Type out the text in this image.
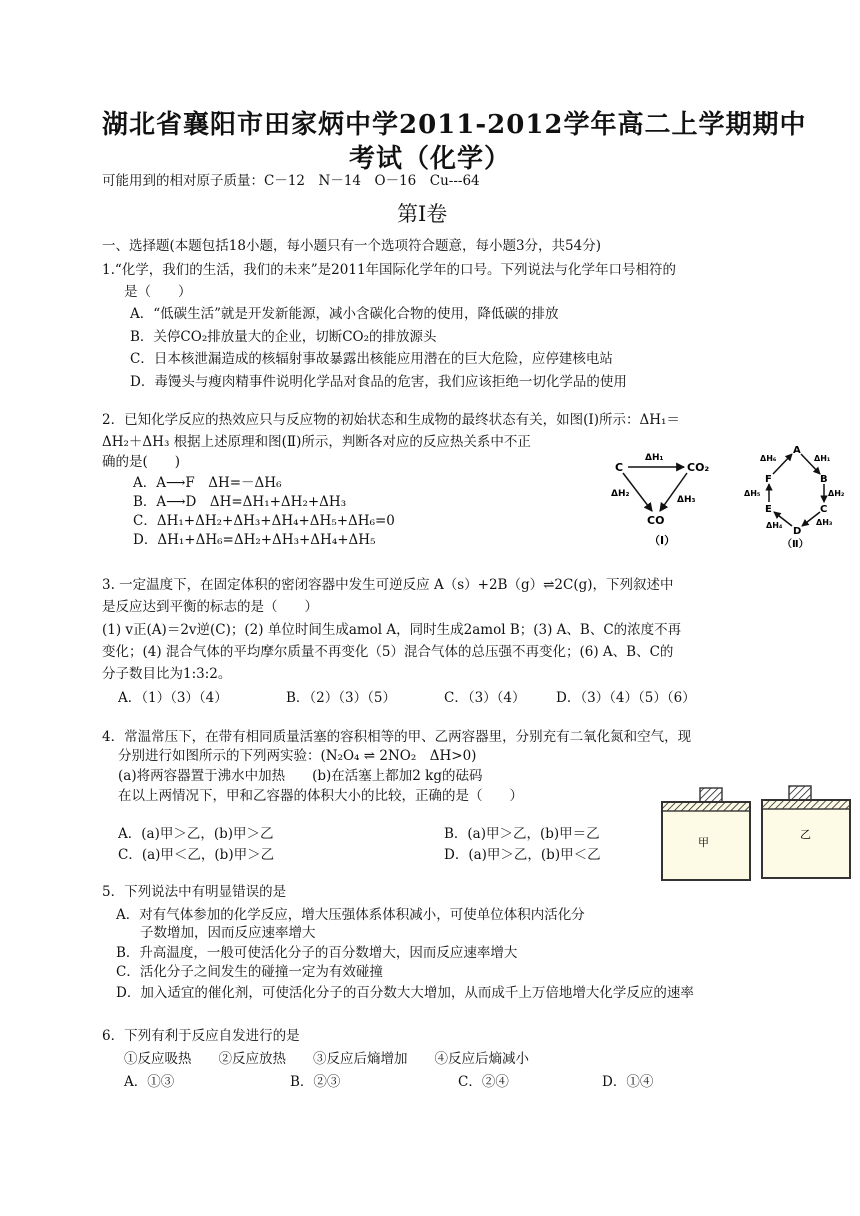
湖北省襄阳市田家炳中学2011-2012学年高二上学期期中
考试（化学）
可能用到的相对原子质量：C－12　N－14　O－16　Cu---64
第Ⅰ卷
一、选择题(本题包括18小题，每小题只有一个选项符合题意，每小题3分，共54分)
1.“化学，我们的生活，我们的未来”是2011年国际化学年的口号。下列说法与化学年口号相符的
是（　　）
A．“低碳生活”就是开发新能源，减小含碳化合物的使用，降低碳的排放
B．关停CO₂排放量大的企业，切断CO₂的排放源头
C．日本核泄漏造成的核辐射事故暴露出核能应用潜在的巨大危险，应停建核电站
D．毒馒头与瘦肉精事件说明化学品对食品的危害，我们应该拒绝一切化学品的使用
2．已知化学反应的热效应只与反应物的初始状态和生成物的最终状态有关，如图(Ⅰ)所示：ΔH₁＝
ΔH₂＋ΔH₃ 根据上述原理和图(Ⅱ)所示，判断各对应的反应热关系中不正
确的是(　　)
A．A⟶F　ΔH=－ΔH₆
B．A⟶D　ΔH=ΔH₁+ΔH₂+ΔH₃
C．ΔH₁+ΔH₂+ΔH₃+ΔH₄+ΔH₅+ΔH₆=0
D．ΔH₁+ΔH₆=ΔH₂+ΔH₃+ΔH₄+ΔH₅
C	CO₂
CO
ΔH₁
ΔH₂
ΔH₃
（Ⅰ）
A
B
C
D
E
F
ΔH₁
ΔH₂
ΔH₃
ΔH₄
ΔH₅
ΔH₆
（Ⅱ）
3. 一定温度下，在固定体积的密闭容器中发生可逆反应 A（s）+2B（g）⇌2C(g)，下列叙述中
是反应达到平衡的标志的是（　　）
(1) v正(A)＝2v逆(C)；(2) 单位时间生成amol A，同时生成2amol B；(3) A、B、C的浓度不再
变化；(4) 混合气体的平均摩尔质量不再变化（5）混合气体的总压强不再变化；(6) A、B、C的
分子数目比为1:3:2。
A．（1）（3）（4）	B．（2）（3）（5）	C．（3）（4） D．（3）（4）（5）（6）
4．常温常压下，在带有相同质量活塞的容积相等的甲、乙两容器里，分别充有二氧化氮和空气，现
分别进行如图所示的下列两实验：(N₂O₄ ⇌ 2NO₂　ΔH>0)
(a)将两容器置于沸水中加热　　(b)在活塞上都加2 kg的砝码
在以上两情况下，甲和乙容器的体积大小的比较，正确的是（　　）
A．(a)甲＞乙，(b)甲＞乙	B．(a)甲＞乙，(b)甲＝乙
C．(a)甲＜乙，(b)甲＞乙	D．(a)甲＞乙，(b)甲＜乙
甲
乙
5．下列说法中有明显错误的是
A．对有气体参加的化学反应，增大压强体系体积减小，可使单位体积内活化分
子数增加，因而反应速率增大
B．升高温度，一般可使活化分子的百分数增大，因而反应速率增大
C．活化分子之间发生的碰撞一定为有效碰撞
D．加入适宜的催化剂，可使活化分子的百分数大大增加，从而成千上万倍地增大化学反应的速率
6．下列有利于反应自发进行的是
①反应吸热　　②反应放热　　③反应后熵增加　　④反应后熵减小
A．①③	B．②③	C．②④	D．①④
